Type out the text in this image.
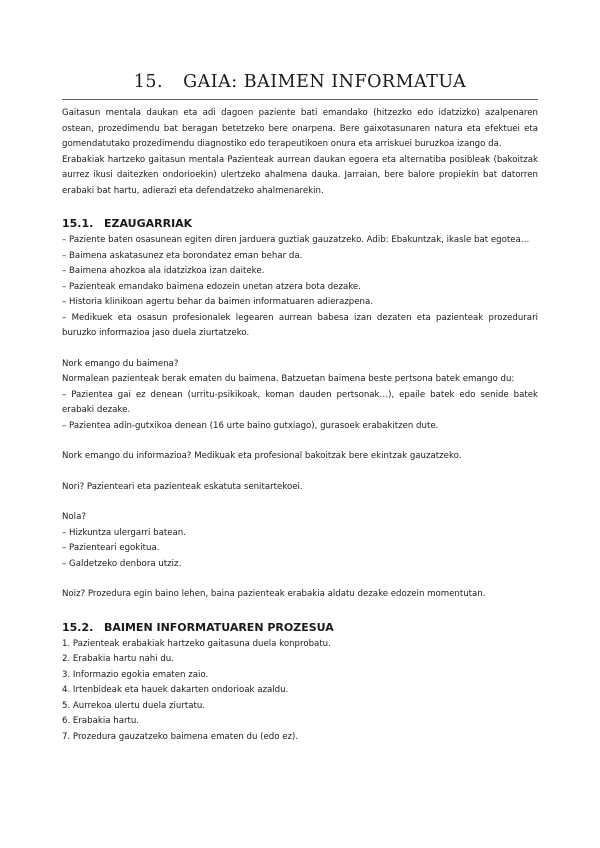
15. GAIA: BAIMEN INFORMATUA

Gaitasun mentala daukan eta adi dagoen paziente bati emandako (hitzezko edo idatzizko) azalpenaren ostean, prozedimendu bat beragan betetzeko bere onarpena. Bere gaixotasunaren natura eta efektuei eta gomendatutako prozedimendu diagnostiko edo terapeutikoen onura eta arriskuei buruzkoa izango da.

Erabakiak hartzeko gaitasun mentala Pazienteak aurrean daukan egoera eta alternatiba posibleak (bakoitzak aurrez ikusi daitezken ondorioekin) ulertzeko ahalmena dauka. Jarraian, bere balore propiekin bat datorren erabaki bat hartu, adierazi eta defendatzeko ahalmenarekin.

15.1. EZAUGARRIAK

– Paziente baten osasunean egiten diren jarduera guztiak gauzatzeko. Adib: Ebakuntzak, ikasle bat egotea…

– Baimena askatasunez eta borondatez eman behar da.

– Baimena ahozkoa ala idatzizkoa izan daiteke.

– Pazienteak emandako baimena edozein unetan atzera bota dezake.

– Historia klinikoan agertu behar da baimen informatuaren adierazpena.

– Medikuek eta osasun profesionalek legearen aurrean babesa izan dezaten eta pazienteak prozedurari buruzko informazioa jaso duela ziurtatzeko.

Nork emango du baimena?

Normalean pazienteak berak ematen du baimena. Batzuetan baimena beste pertsona batek emango du:

– Pazientea gai ez denean (urritu-psikikoak, koman dauden pertsonak…), epaile batek edo senide batek erabaki dezake.

– Pazientea adin-gutxikoa denean (16 urte baino gutxiago), gurasoek erabakitzen dute.

Nork emango du informazioa? Medikuak eta profesional bakoitzak bere ekintzak gauzatzeko.

Nori? Pazienteari eta pazienteak eskatuta senitartekoei.

Nola?

– Hizkuntza ulergarri batean.

– Pazienteari egokitua.

– Galdetzeko denbora utziz.

Noiz? Prozedura egin baino lehen, baina pazienteak erabakia aldatu dezake edozein momentutan.

15.2. BAIMEN INFORMATUAREN PROZESUA

1. Pazienteak erabakiak hartzeko gaitasuna duela konprobatu.

2. Erabakia hartu nahi du.

3. Informazio egokia ematen zaio.

4. Irtenbideak eta hauek dakarten ondorioak azaldu.

5. Aurrekoa ulertu duela ziurtatu.

6. Erabakia hartu.

7. Prozedura gauzatzeko baimena ematen du (edo ez).
